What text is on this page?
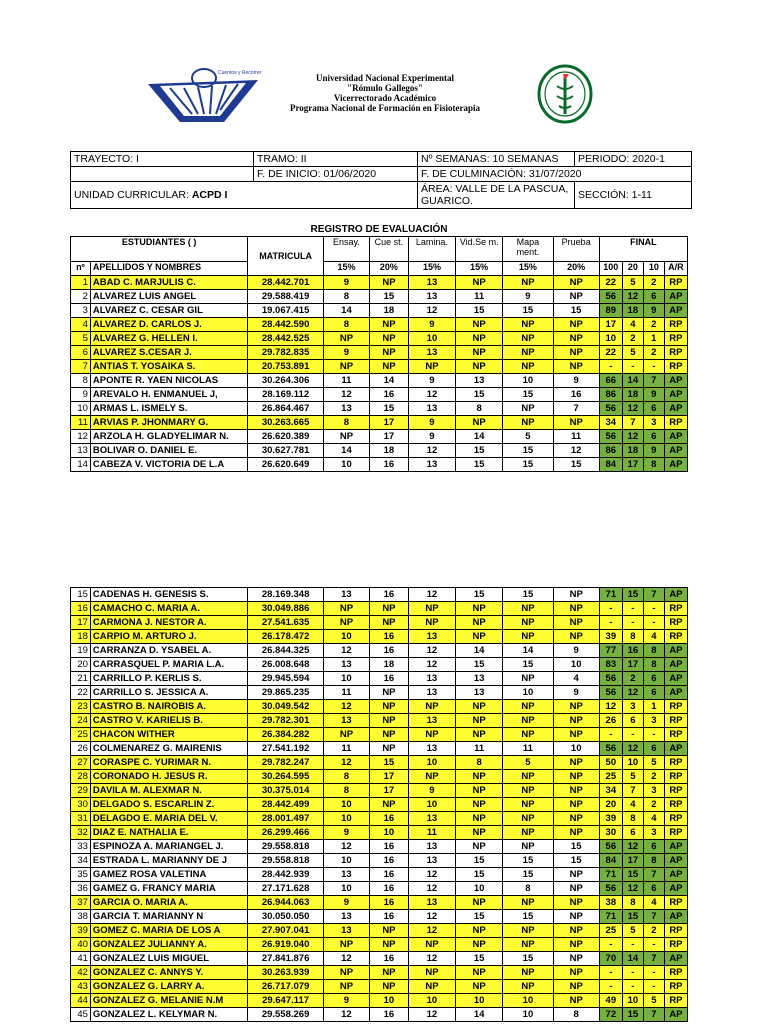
Cuentos y Recorrer	Universidad Nacional Experimental
"Rómulo Gallegos"
Vicerrectorado Académico
Programa Nacional de Formación en Fisioterapia
TRAYECTO: I	TRAMO: II	Nº SEMANAS: 10 SEMANAS	PERIODO: 2020-1
	F. DE INICIO: 01/06/2020	F. DE CULMINACIÓN: 31/07/2020	
UNIDAD CURRICULAR: ACPD I		ÁREA: VALLE DE LA PASCUA, GUARICO.	SECCIÓN: 1-11
REGISTRO DE EVALUACIÓN
ESTUDIANTES ( )		MATRICULA	Ensay.	Cue st.	Lamina.	Vid.Se m.	Mapa ment.	Prueba	FINAL			
nº	APELLIDOS Y NOMBRES		15%	20%	15%	15%	15%	20%	100	20	10	A/R
1	ABAD C. MARJULIS C.	28.442.701	9	NP	13	NP	NP	NP	22	5	2	RP
2	ALVAREZ LUIS ANGEL	29.588.419	8	15	13	11	9	NP	56	12	6	AP
3	ALVAREZ C. CESAR GIL	19.067.415	14	18	12	15	15	15	89	18	9	AP
4	ALVAREZ D. CARLOS J.	28.442.590	8	NP	9	NP	NP	NP	17	4	2	RP
5	ALVAREZ G. HELLEN I.	28.442.525	NP	NP	10	NP	NP	NP	10	2	1	RP
6	ALVAREZ S.CESAR J.	29.782.835	9	NP	13	NP	NP	NP	22	5	2	RP
7	ANTIAS T. YOSAIKA S.	20.753.891	NP	NP	NP	NP	NP	NP	-	-	-	RP
8	APONTE R. YAEN NICOLAS	30.264.306	11	14	9	13	10	9	66	14	7	AP
9	AREVALO H. ENMANUEL J,	28.169.112	12	16	12	15	15	16	86	18	9	AP
10	ARMAS L. ISMELY S.	26.864.467	13	15	13	8	NP	7	56	12	6	AP
11	ARVIAS P. JHONMARY G.	30.263.665	8	17	9	NP	NP	NP	34	7	3	RP
12	ARZOLA H. GLADYELIMAR N.	26.620.389	NP	17	9	14	5	11	56	12	6	AP
13	BOLIVAR O. DANIEL E.	30.627.781	14	18	12	15	15	12	86	18	9	AP
14	CABEZA V. VICTORIA DE L.A	26.620.649	10	16	13	15	15	15	84	17	8	AP
15	CADENAS H. GENESIS S.	28.169.348	13	16	12	15	15	NP	71	15	7	AP
16	CAMACHO C. MARIA A.	30.049.886	NP	NP	NP	NP	NP	NP	-	-	-	RP
17	CARMONA J. NESTOR A.	27.541.635	NP	NP	NP	NP	NP	NP	-	-	-	RP
18	CARPIO M. ARTURO J.	26.178.472	10	16	13	NP	NP	NP	39	8	4	RP
19	CARRANZA D. YSABEL A.	26.844.325	12	16	12	14	14	9	77	16	8	AP
20	CARRASQUEL P. MARIA L.A.	26.008.648	13	18	12	15	15	10	83	17	8	AP
21	CARRILLO P. KERLIS S.	29.945.594	10	16	13	13	NP	4	56	2	6	AP
22	CARRILLO S. JESSICA A.	29.865.235	11	NP	13	13	10	9	56	12	6	AP
23	CASTRO B. NAIROBIS A.	30.049.542	12	NP	NP	NP	NP	NP	12	3	1	RP
24	CASTRO V. KARIELIS B.	29.782.301	13	NP	13	NP	NP	NP	26	6	3	RP
25	CHACON WITHER	26.384.282	NP	NP	NP	NP	NP	NP	-	-	-	RP
26	COLMENAREZ G. MAIRENIS	27.541.192	11	NP	13	11	11	10	56	12	6	AP
27	CORASPE C. YURIMAR N.	29.782.247	12	15	10	8	5	NP	50	10	5	RP
28	CORONADO H. JESUS R.	30.264.595	8	17	NP	NP	NP	NP	25	5	2	RP
29	DAVILA M. ALEXMAR N.	30.375.014	8	17	9	NP	NP	NP	34	7	3	RP
30	DELGADO S. ESCARLIN Z.	28.442.499	10	NP	10	NP	NP	NP	20	4	2	RP
31	DELAGDO E. MARIA DEL V.	28.001.497	10	16	13	NP	NP	NP	39	8	4	RP
32	DIAZ E. NATHALIA E.	26.299.466	9	10	11	NP	NP	NP	30	6	3	RP
33	ESPINOZA A. MARIANGEL J.	29.558.818	12	16	13	NP	NP	15	56	12	6	AP
34	ESTRADA L. MARIANNY DE J	29.558.818	10	16	13	15	15	15	84	17	8	AP
35	GAMEZ ROSA VALETINA	28.442.939	13	16	12	15	15	NP	71	15	7	AP
36	GAMEZ G. FRANCY MARIA	27.171.628	10	16	12	10	8	NP	56	12	6	AP
37	GARCIA O. MARIA A.	26.944.063	9	16	13	NP	NP	NP	38	8	4	RP
38	GARCIA T. MARIANNY N	30.050.050	13	16	12	15	15	NP	71	15	7	AP
39	GOMEZ C. MARIA DE LOS A	27.907.041	13	NP	12	NP	NP	NP	25	5	2	RP
40	GONZALEZ JULIANNY A.	26.919.040	NP	NP	NP	NP	NP	NP	-	-	-	RP
41	GONZALEZ LUIS MIGUEL	27.841.876	12	16	12	15	15	NP	70	14	7	AP
42	GONZALEZ C. ANNYS Y.	30.263.939	NP	NP	NP	NP	NP	NP	-	-	-	RP
43	GONZALEZ G. LARRY A.	26.717.079	NP	NP	NP	NP	NP	NP	-	-	-	RP
44	GONZALEZ G. MELANIE N.M	29.647.117	9	10	10	10	10	NP	49	10	5	RP
45	GONZALEZ L. KELYMAR N.	29.558.269	12	16	12	14	10	8	72	15	7	AP
